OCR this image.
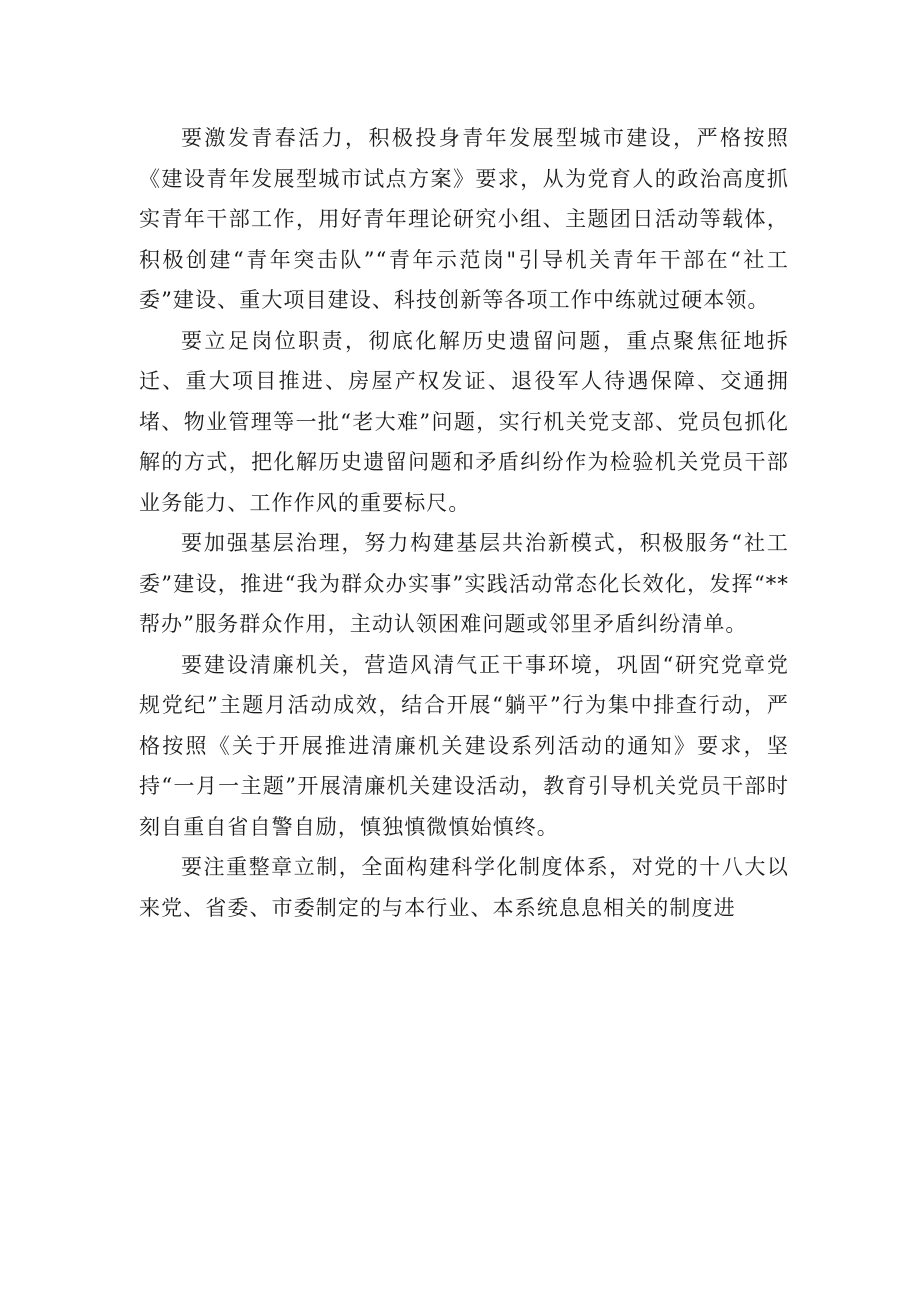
要激发青春活力，积极投身青年发展型城市建设，严格按照《建设青年发展型城市试点方案》要求，从为党育人的政治高度抓实青年干部工作，用好青年理论研究小组、主题团日活动等载体，积极创建“青年突击队”“青年示范岗"引导机关青年干部在“社工委”建设、重大项目建设、科技创新等各项工作中练就过硬本领。

要立足岗位职责，彻底化解历史遗留问题，重点聚焦征地拆迁、重大项目推进、房屋产权发证、退役军人待遇保障、交通拥堵、物业管理等一批“老大难”问题，实行机关党支部、党员包抓化解的方式，把化解历史遗留问题和矛盾纠纷作为检验机关党员干部业务能力、工作作风的重要标尺。

要加强基层治理，努力构建基层共治新模式，积极服务“社工委”建设，推进“我为群众办实事”实践活动常态化长效化，发挥“**帮办”服务群众作用，主动认领困难问题或邻里矛盾纠纷清单。

要建设清廉机关，营造风清气正干事环境，巩固“研究党章党规党纪”主题月活动成效，结合开展“躺平”行为集中排查行动，严格按照《关于开展推进清廉机关建设系列活动的通知》要求，坚持“一月一主题”开展清廉机关建设活动，教育引导机关党员干部时刻自重自省自警自励，慎独慎微慎始慎终。

要注重整章立制，全面构建科学化制度体系，对党的十八大以来党、省委、市委制定的与本行业、本系统息息相关的制度进
